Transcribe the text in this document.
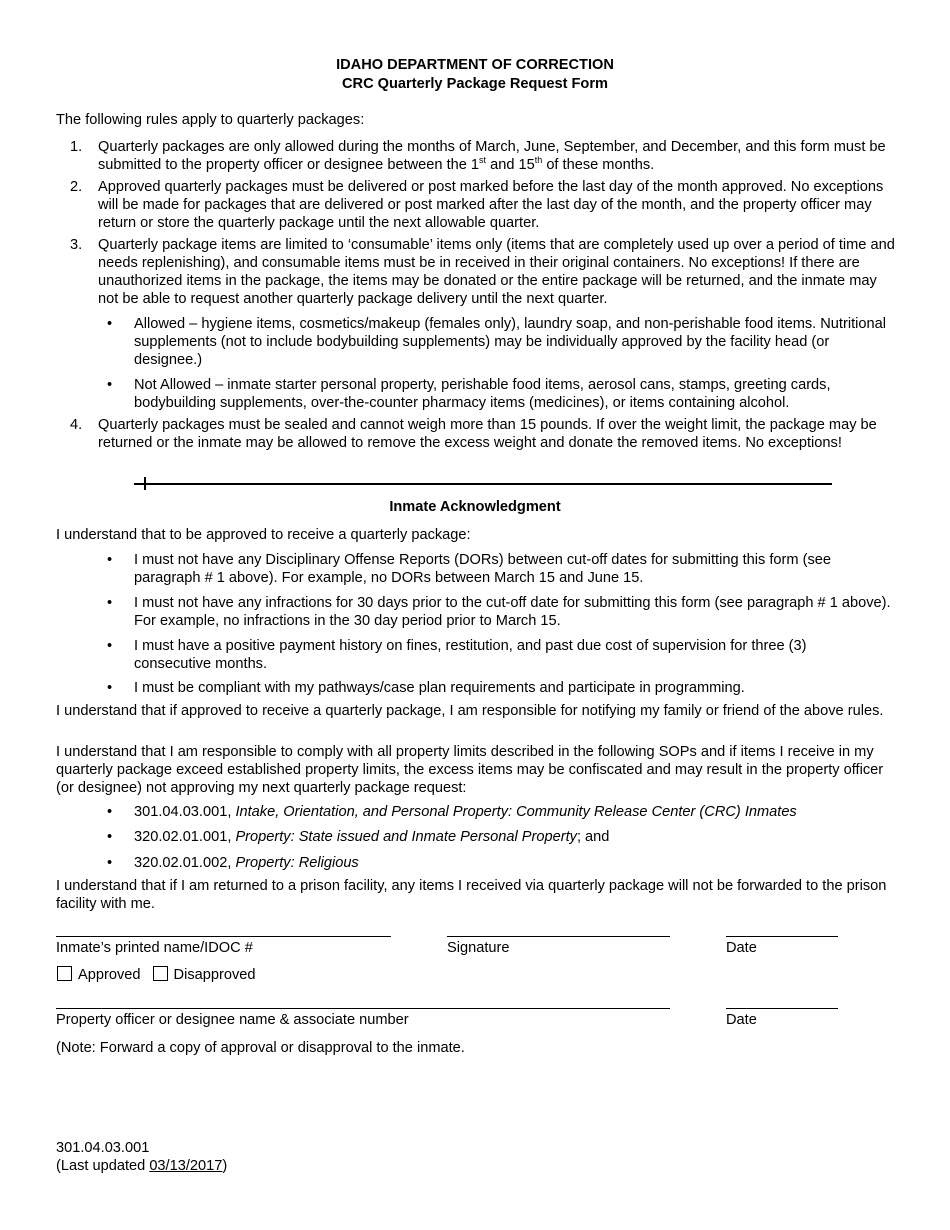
IDAHO DEPARTMENT OF CORRECTION
CRC Quarterly Package Request Form
The following rules apply to quarterly packages:
1.	Quarterly packages are only allowed during the months of March, June, September, and December, and this form must be submitted to the property officer or designee between the 1st and 15th of these months.
2.	Approved quarterly packages must be delivered or post marked before the last day of the month approved. No exceptions will be made for packages that are delivered or post marked after the last day of the month, and the property officer may return or store the quarterly package until the next allowable quarter.
3.	Quarterly package items are limited to ‘consumable’ items only (items that are completely used up over a period of time and needs replenishing), and consumable items must be in received in their original containers. No exceptions! If there are unauthorized items in the package, the items may be donated or the entire package will be returned, and the inmate may not be able to request another quarterly package delivery until the next quarter.
•	Allowed – hygiene items, cosmetics/makeup (females only), laundry soap, and non-perishable food items. Nutritional supplements (not to include bodybuilding supplements) may be individually approved by the facility head (or designee.)
•	Not Allowed – inmate starter personal property, perishable food items, aerosol cans, stamps, greeting cards, bodybuilding supplements, over-the-counter pharmacy items (medicines), or items containing alcohol.
4.	Quarterly packages must be sealed and cannot weigh more than 15 pounds. If over the weight limit, the package may be returned or the inmate may be allowed to remove the excess weight and donate the removed items. No exceptions!
Inmate Acknowledgment
I understand that to be approved to receive a quarterly package:
•	I must not have any Disciplinary Offense Reports (DORs) between cut-off dates for submitting this form (see paragraph # 1 above). For example, no DORs between March 15 and June 15.
•	I must not have any infractions for 30 days prior to the cut-off date for submitting this form (see paragraph # 1 above). For example, no infractions in the 30 day period prior to March 15.
•	I must have a positive payment history on fines, restitution, and past due cost of supervision for three (3) consecutive months.
•	I must be compliant with my pathways/case plan requirements and participate in programming.
I understand that if approved to receive a quarterly package, I am responsible for notifying my family or friend of the above rules.
I understand that I am responsible to comply with all property limits described in the following SOPs and if items I receive in my quarterly package exceed established property limits, the excess items may be confiscated and may result in the property officer (or designee) not approving my next quarterly package request:
•	301.04.03.001, Intake, Orientation, and Personal Property: Community Release Center (CRC) Inmates
•	320.02.01.001, Property: State issued and Inmate Personal Property; and
•	320.02.01.002, Property: Religious
I understand that if I am returned to a prison facility, any items I received via quarterly package will not be forwarded to the prison facility with me.
Inmate’s printed name/IDOC #	Signature	Date
Approved Disapproved
Property officer or designee name & associate number	Date
(Note: Forward a copy of approval or disapproval to the inmate.
301.04.03.001
(Last updated 03/13/2017)
